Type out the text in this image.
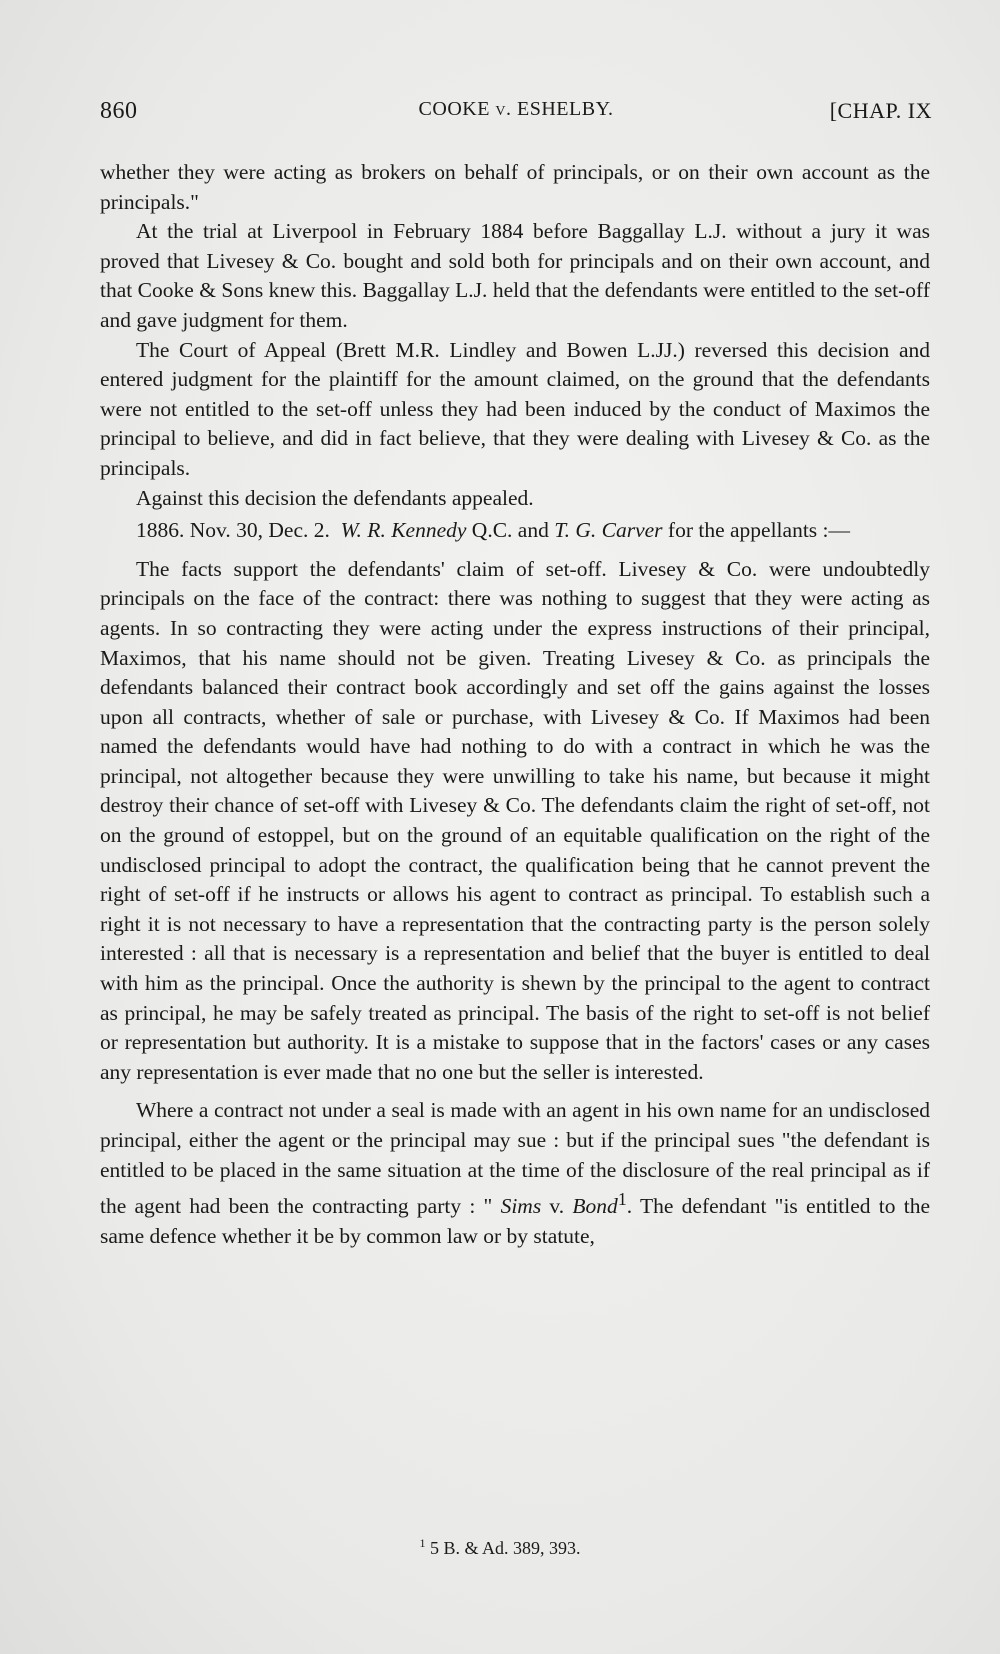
860	COOKE v. ESHELBY.	[CHAP. IX

whether they were acting as brokers on behalf of principals, or on their own account as the principals."

At the trial at Liverpool in February 1884 before Baggallay L.J. without a jury it was proved that Livesey & Co. bought and sold both for principals and on their own account, and that Cooke & Sons knew this. Baggallay L.J. held that the defendants were entitled to the set-off and gave judgment for them.

The Court of Appeal (Brett M.R. Lindley and Bowen L.JJ.) reversed this decision and entered judgment for the plaintiff for the amount claimed, on the ground that the defendants were not entitled to the set-off unless they had been induced by the conduct of Maximos the principal to believe, and did in fact believe, that they were dealing with Livesey & Co. as the principals.

Against this decision the defendants appealed.

1886. Nov. 30, Dec. 2. W. R. Kennedy Q.C. and T. G. Carver for the appellants :—

The facts support the defendants' claim of set-off. Livesey & Co. were undoubtedly principals on the face of the contract: there was nothing to suggest that they were acting as agents. In so contracting they were acting under the express instructions of their principal, Maximos, that his name should not be given. Treating Livesey & Co. as principals the defendants balanced their contract book accordingly and set off the gains against the losses upon all contracts, whether of sale or purchase, with Livesey & Co. If Maximos had been named the defendants would have had nothing to do with a contract in which he was the principal, not altogether because they were unwilling to take his name, but because it might destroy their chance of set-off with Livesey & Co. The defendants claim the right of set-off, not on the ground of estoppel, but on the ground of an equitable qualification on the right of the undisclosed principal to adopt the contract, the qualification being that he cannot prevent the right of set-off if he instructs or allows his agent to contract as principal. To establish such a right it is not necessary to have a representation that the contracting party is the person solely interested : all that is necessary is a representation and belief that the buyer is entitled to deal with him as the principal. Once the authority is shewn by the principal to the agent to contract as principal, he may be safely treated as principal. The basis of the right to set-off is not belief or representation but authority. It is a mistake to suppose that in the factors' cases or any cases any representation is ever made that no one but the seller is interested.

Where a contract not under a seal is made with an agent in his own name for an undisclosed principal, either the agent or the principal may sue : but if the principal sues "the defendant is entitled to be placed in the same situation at the time of the disclosure of the real principal as if the agent had been the contracting party : " Sims v. Bond$^1$. The defendant "is entitled to the same defence whether it be by common law or by statute,

$^1$ 5 B. & Ad. 389, 393.
